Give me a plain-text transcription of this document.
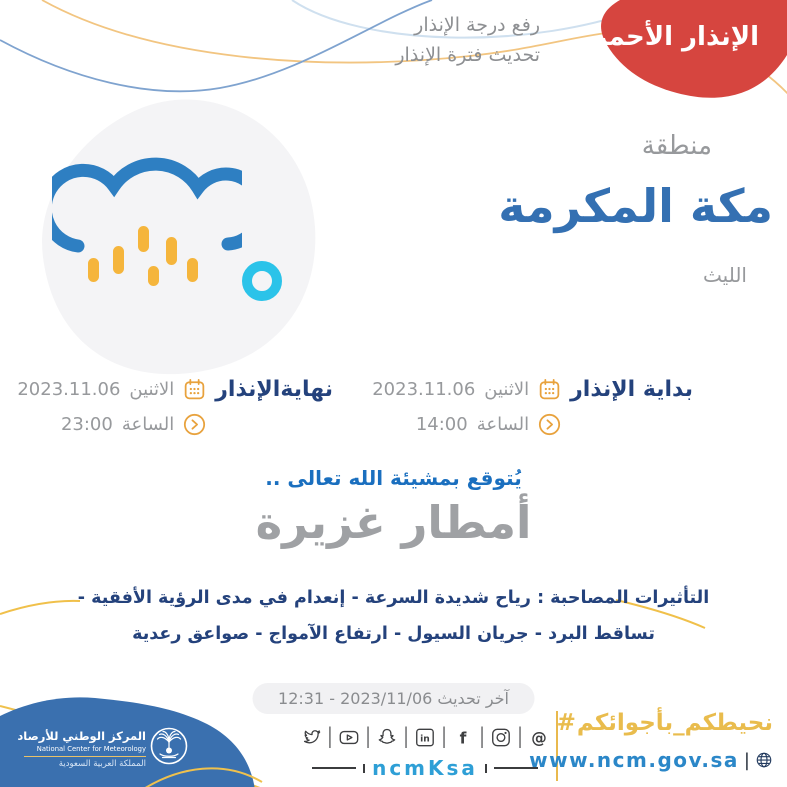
الإنذار الأحمر
رفع درجة الإنذار
تحديث فترة الإنذار
منطقة
مكة المكرمة
الليث
بداية الإنذار
الاثنين
2023.11.06
الساعة
14:00
نهايةالإنذار
الاثنين
2023.11.06
الساعة
23:00
يُتوقع بمشيئة الله تعالى ..
أمطار غزيرة
التأثيرات المصاحبة : رياح شديدة السرعة - إنعدام في مدى الرؤية الأفقية -
تساقط البرد - جريان السيول - ارتفاع الآمواج - صواعق رعدية
آخر تحديث 2023/11/06 - 12:31
المركز الوطني للأرصاد
National Center for Meteorology
المملكة العربية السعودية
| | | in | f | | @
ncmKsa
# نحيطكم_بأجوائكم
www.ncm.gov.sa |
